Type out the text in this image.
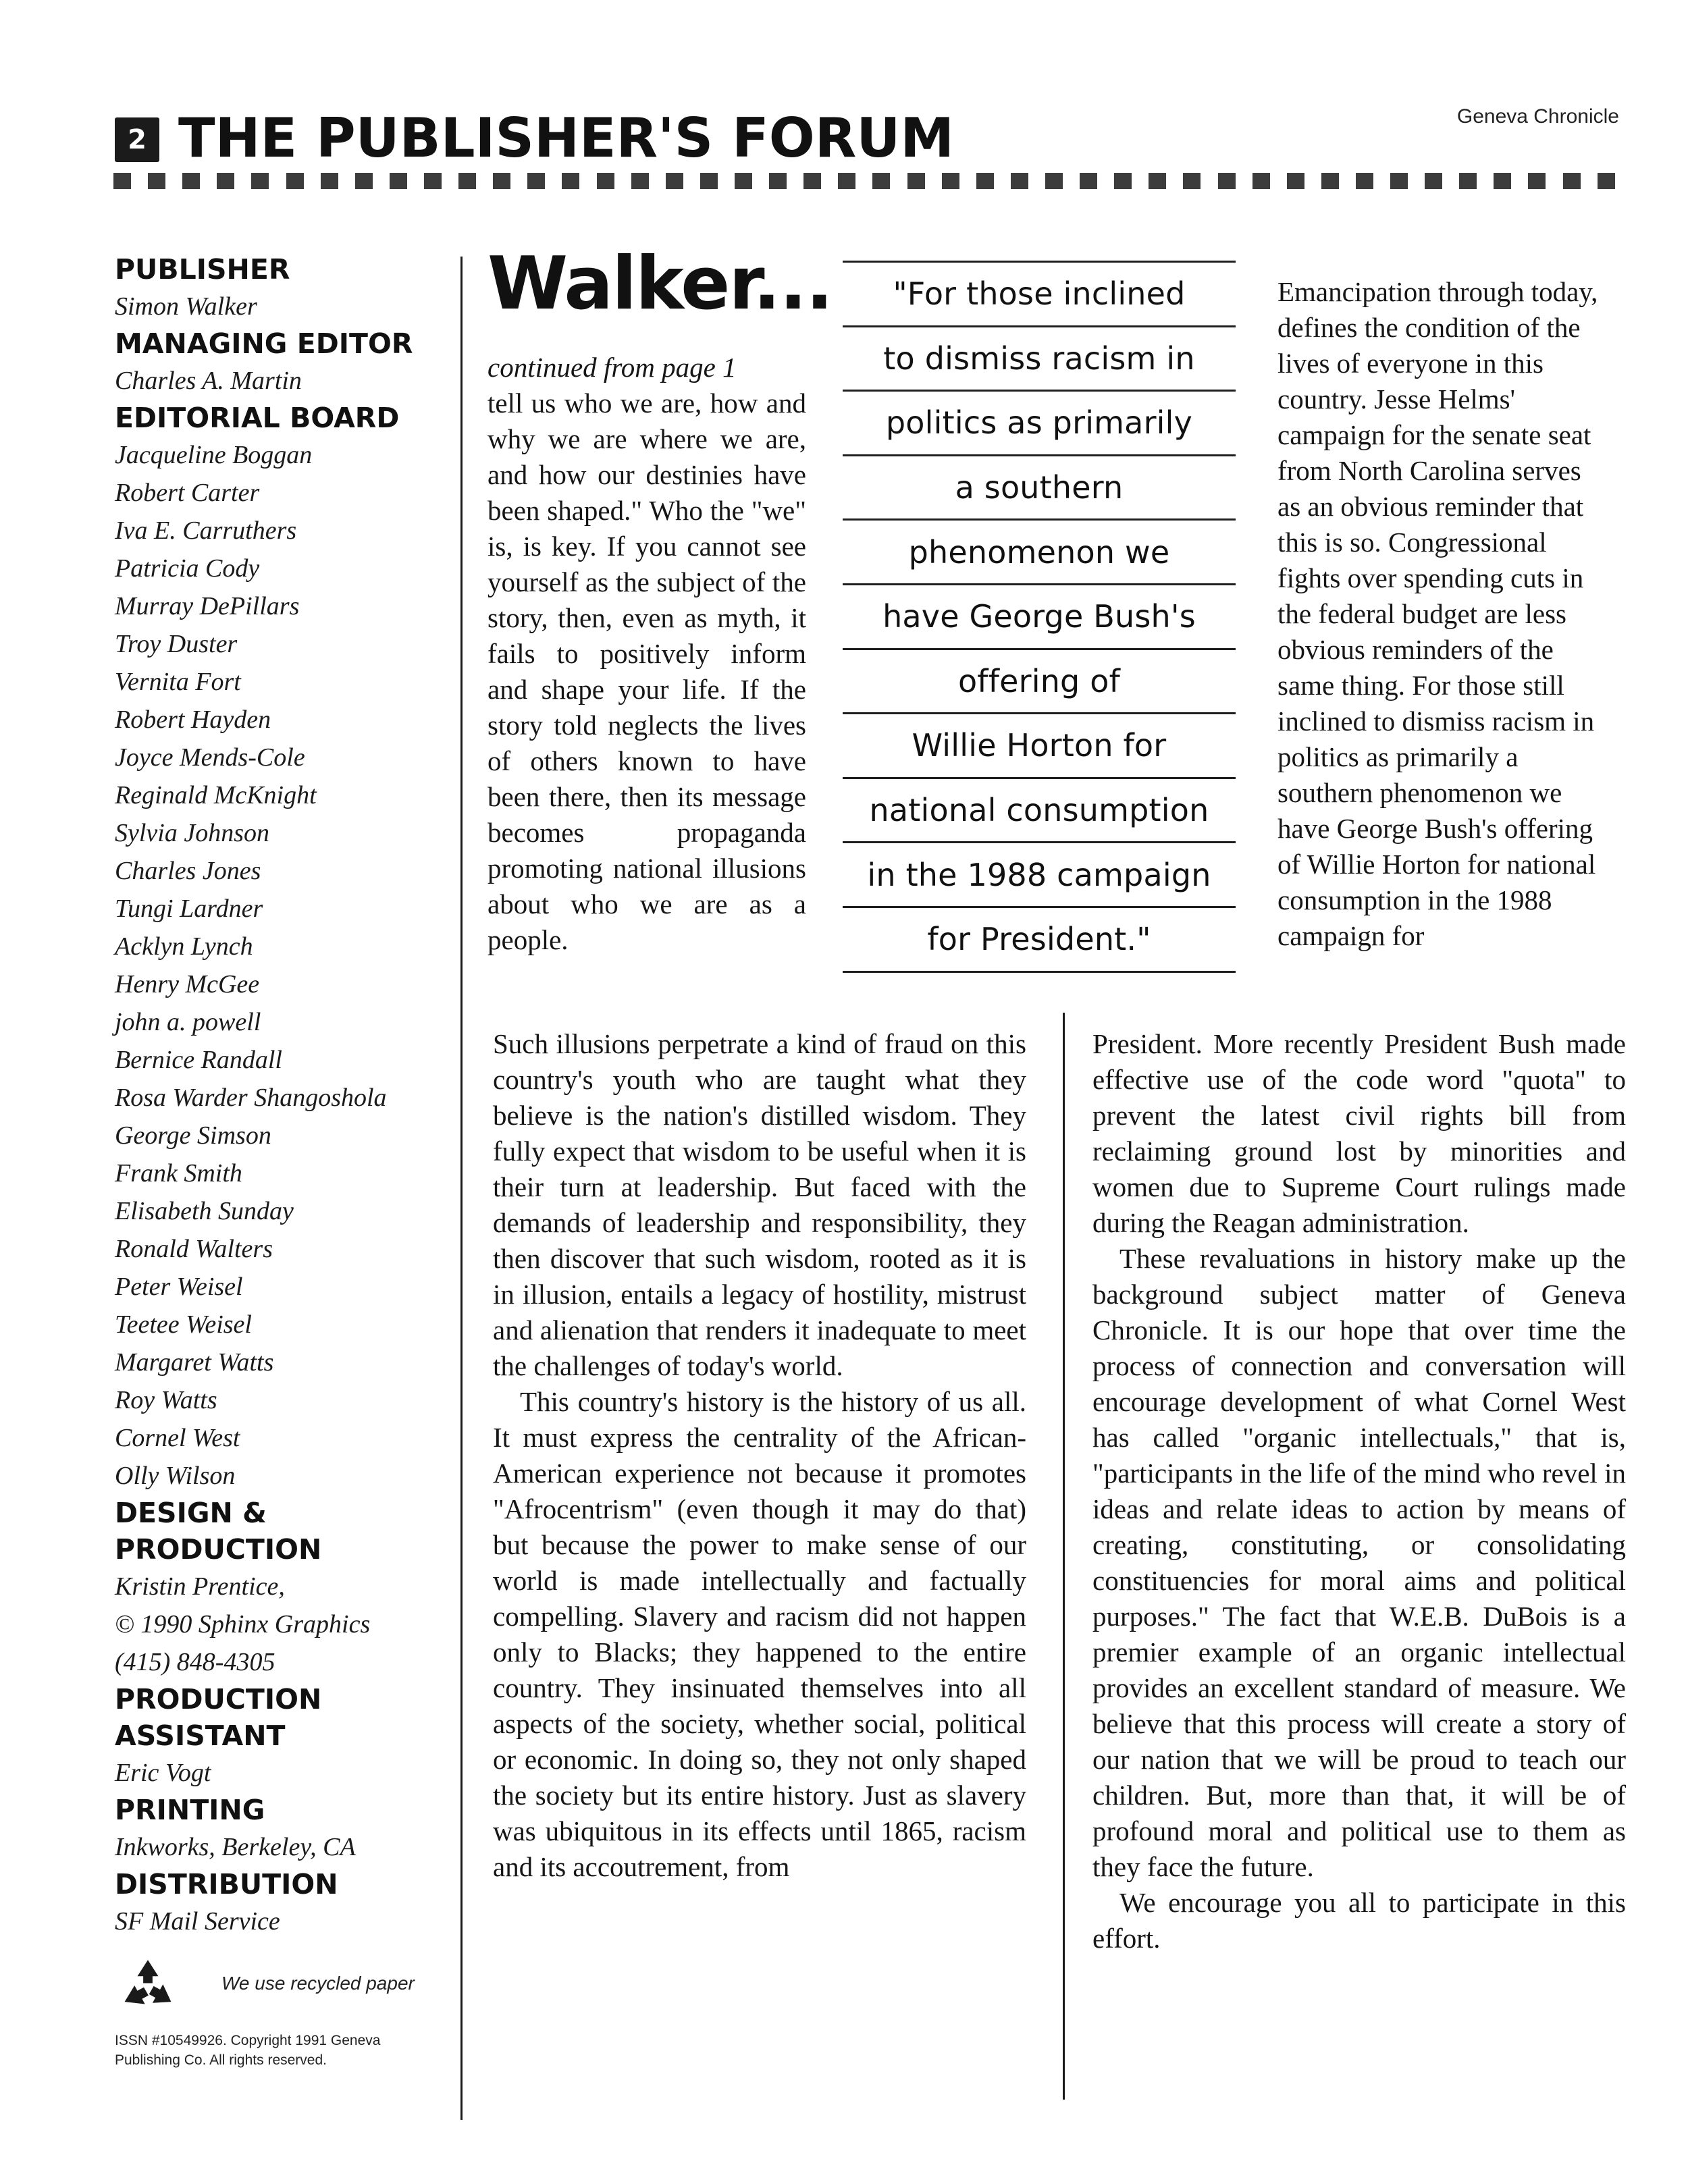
2 THE PUBLISHER'S FORUM	Geneva Chronicle
PUBLISHER
Simon Walker
MANAGING EDITOR
Charles A. Martin
EDITORIAL BOARD
Jacqueline Boggan
Robert Carter
Iva E. Carruthers
Patricia Cody
Murray DePillars
Troy Duster
Vernita Fort
Robert Hayden
Joyce Mends-Cole
Reginald McKnight
Sylvia Johnson
Charles Jones
Tungi Lardner
Acklyn Lynch
Henry McGee
john a. powell
Bernice Randall
Rosa Warder Shangoshola
George Simson
Frank Smith
Elisabeth Sunday
Ronald Walters
Peter Weisel
Teetee Weisel
Margaret Watts
Roy Watts
Cornel West
Olly Wilson
DESIGN &
PRODUCTION
Kristin Prentice,
© 1990 Sphinx Graphics
(415) 848-4305
PRODUCTION
ASSISTANT
Eric Vogt
PRINTING
Inkworks, Berkeley, CA
DISTRIBUTION
SF Mail Service
We use recycled paper
ISSN #10549926. Copyright 1991 Geneva Publishing Co. All rights reserved.
Walker...
continued from page 1
tell us who we are, how and why we are where we are, and how our destinies have been shaped." Who the "we" is, is key. If you cannot see yourself as the subject of the story, then, even as myth, it fails to positively inform and shape your life. If the story told neglects the lives of others known to have been there, then its message becomes propaganda promoting national illusions about who we are as a people.
"For those inclined
to dismiss racism in
politics as primarily
a southern
phenomenon we
have George Bush's
offering of
Willie Horton for
national consumption
in the 1988 campaign
for President."
Emancipation through today, defines the condition of the lives of everyone in this country. Jesse Helms' campaign for the senate seat from North Carolina serves as an obvious reminder that this is so. Congressional fights over spending cuts in the federal budget are less obvious reminders of the same thing. For those still inclined to dismiss racism in politics as primarily a southern phenomenon we have George Bush's offering of Willie Horton for national consumption in the 1988 campaign for

Such illusions perpetrate a kind of fraud on this country's youth who are taught what they believe is the nation's distilled wisdom. They fully expect that wisdom to be useful when it is their turn at leadership. But faced with the demands of leadership and responsibility, they then discover that such wisdom, rooted as it is in illusion, entails a legacy of hostility, mistrust and alienation that renders it inadequate to meet the challenges of today's world.

This country's history is the history of us all. It must express the centrality of the African-American experience not because it promotes "Afrocentrism" (even though it may do that) but because the power to make sense of our world is made intellectually and factually compelling. Slavery and racism did not happen only to Blacks; they happened to the entire country. They insinuated themselves into all aspects of the society, whether social, political or economic. In doing so, they not only shaped the society but its entire history. Just as slavery was ubiquitous in its effects until 1865, racism and its accoutrement, from

President. More recently President Bush made effective use of the code word "quota" to prevent the latest civil rights bill from reclaiming ground lost by minorities and women due to Supreme Court rulings made during the Reagan administration.

These revaluations in history make up the background subject matter of Geneva Chronicle. It is our hope that over time the process of connection and conversation will encourage development of what Cornel West has called "organic intellectuals," that is, "participants in the life of the mind who revel in ideas and relate ideas to action by means of creating, constituting, or consolidating constituencies for moral aims and political purposes." The fact that W.E.B. DuBois is a premier example of an organic intellectual provides an excellent standard of measure. We believe that this process will create a story of our nation that we will be proud to teach our children. But, more than that, it will be of profound moral and political use to them as they face the future.

We encourage you all to participate in this effort.
